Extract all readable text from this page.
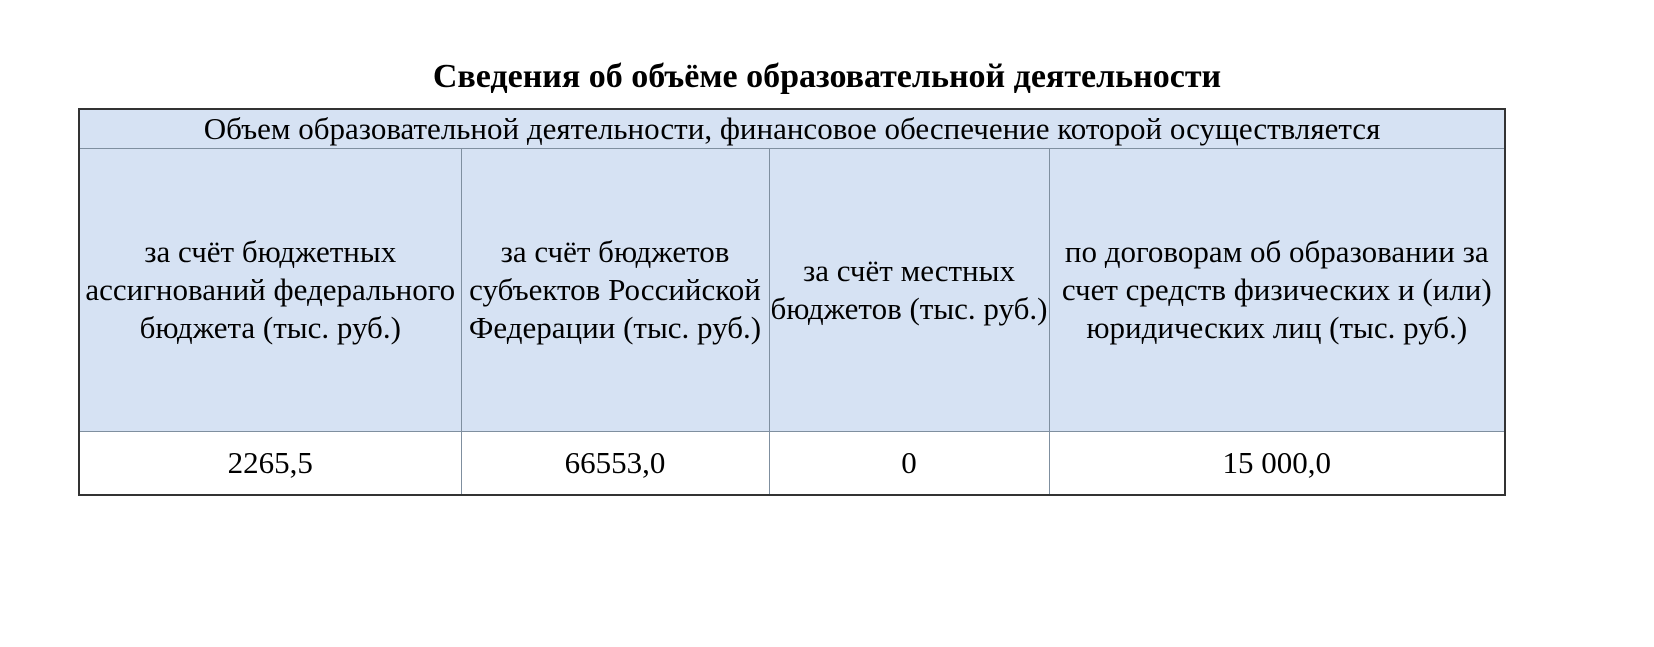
Сведения об объёме образовательной деятельности
Объем образовательной деятельности, финансовое обеспечение которой осуществляется			
за счёт бюджетных ассигнований федерального бюджета (тыс. руб.)	за счёт бюджетов субъектов Российской Федерации (тыс. руб.)	за счёт местных бюджетов (тыс. руб.)	по договорам об образовании за счет средств физических и (или) юридических лиц (тыс. руб.)
2265,5	66553,0	0	15 000,0
